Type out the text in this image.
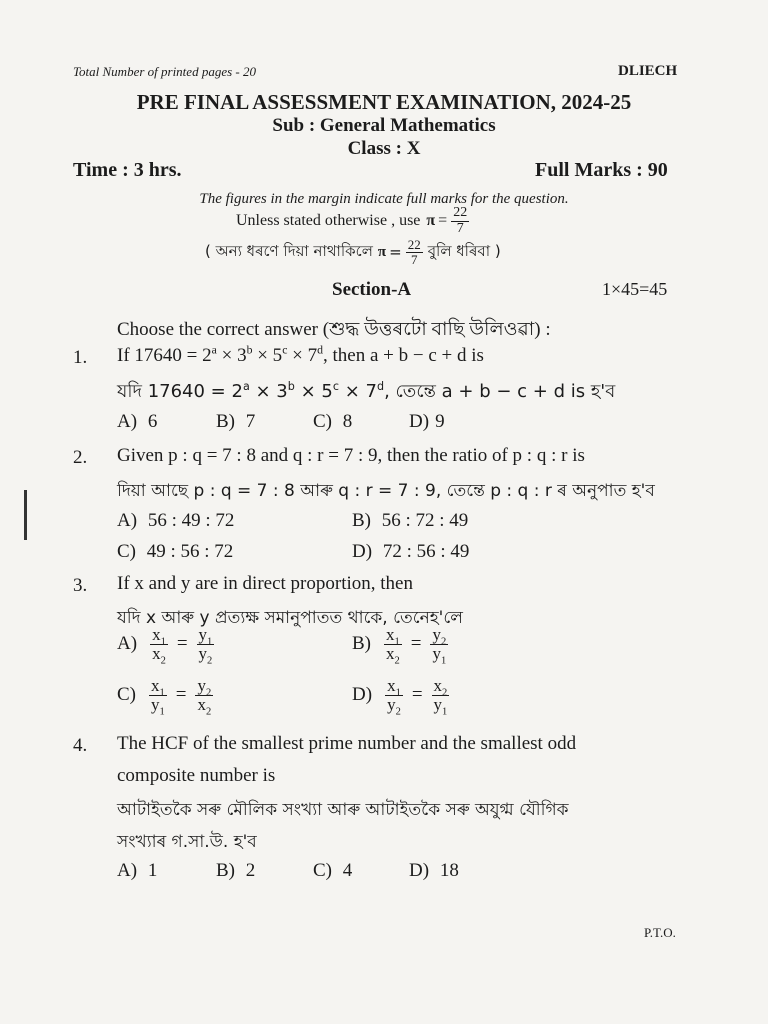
Total Number of printed pages - 20	DLIECH
PRE FINAL ASSESSMENT EXAMINATION, 2024-25
Sub : General Mathematics
Class : X
Time : 3 hrs.	Full Marks : 90
The figures in the margin indicate full marks for the question.
Unless stated otherwise , use $\pi = \frac{22}{7}$
( অন্য ধৰণে দিয়া নাথাকিলে $\pi = \frac{22}{7}$ বুলি ধৰিবা )
Section-A	1×45=45
Choose the correct answer (শুদ্ধ উত্তৰটো বাছি উলিওৱা) :
1. If $17640 = 2^a \times 3^b \times 5^c \times 7^d$, then a + b − c + d is
যদি $17640 = 2^a \times 3^b \times 5^c \times 7^d$, তেন্তে a + b − c + d is হ'ব
A) 6	B) 7	C) 8	D) 9
2. Given p : q = 7 : 8 and q : r = 7 : 9, then the ratio of p : q : r is
দিয়া আছে p : q = 7 : 8 আৰু q : r = 7 : 9, তেন্তে p : q : r ৰ অনুপাত হ'ব
A) 56 : 49 : 72	B) 56 : 72 : 49
C) 49 : 56 : 72	D) 72 : 56 : 49
3. If x and y are in direct proportion, then
যদি x আৰু y প্ৰত্যক্ষ সমানুপাতত থাকে, তেনেহ'লে
$A) \frac{x_1}{x_2} = \frac{y_1}{y_2}$	$B) \frac{x_1}{x_2} = \frac{y_2}{y_1}$
$C) \frac{x_1}{y_1} = \frac{y_2}{x_2}$	$D) \frac{x_1}{y_2} = \frac{x_2}{y_1}$
4. The HCF of the smallest prime number and the smallest odd
composite number is
আটাইতকৈ সৰু মৌলিক সংখ্যা আৰু আটাইতকৈ সৰু অযুগ্ম যৌগিক
সংখ্যাৰ গ.সা.উ. হ'ব
A) 1	B) 2	C) 4	D) 18
P.T.O.
